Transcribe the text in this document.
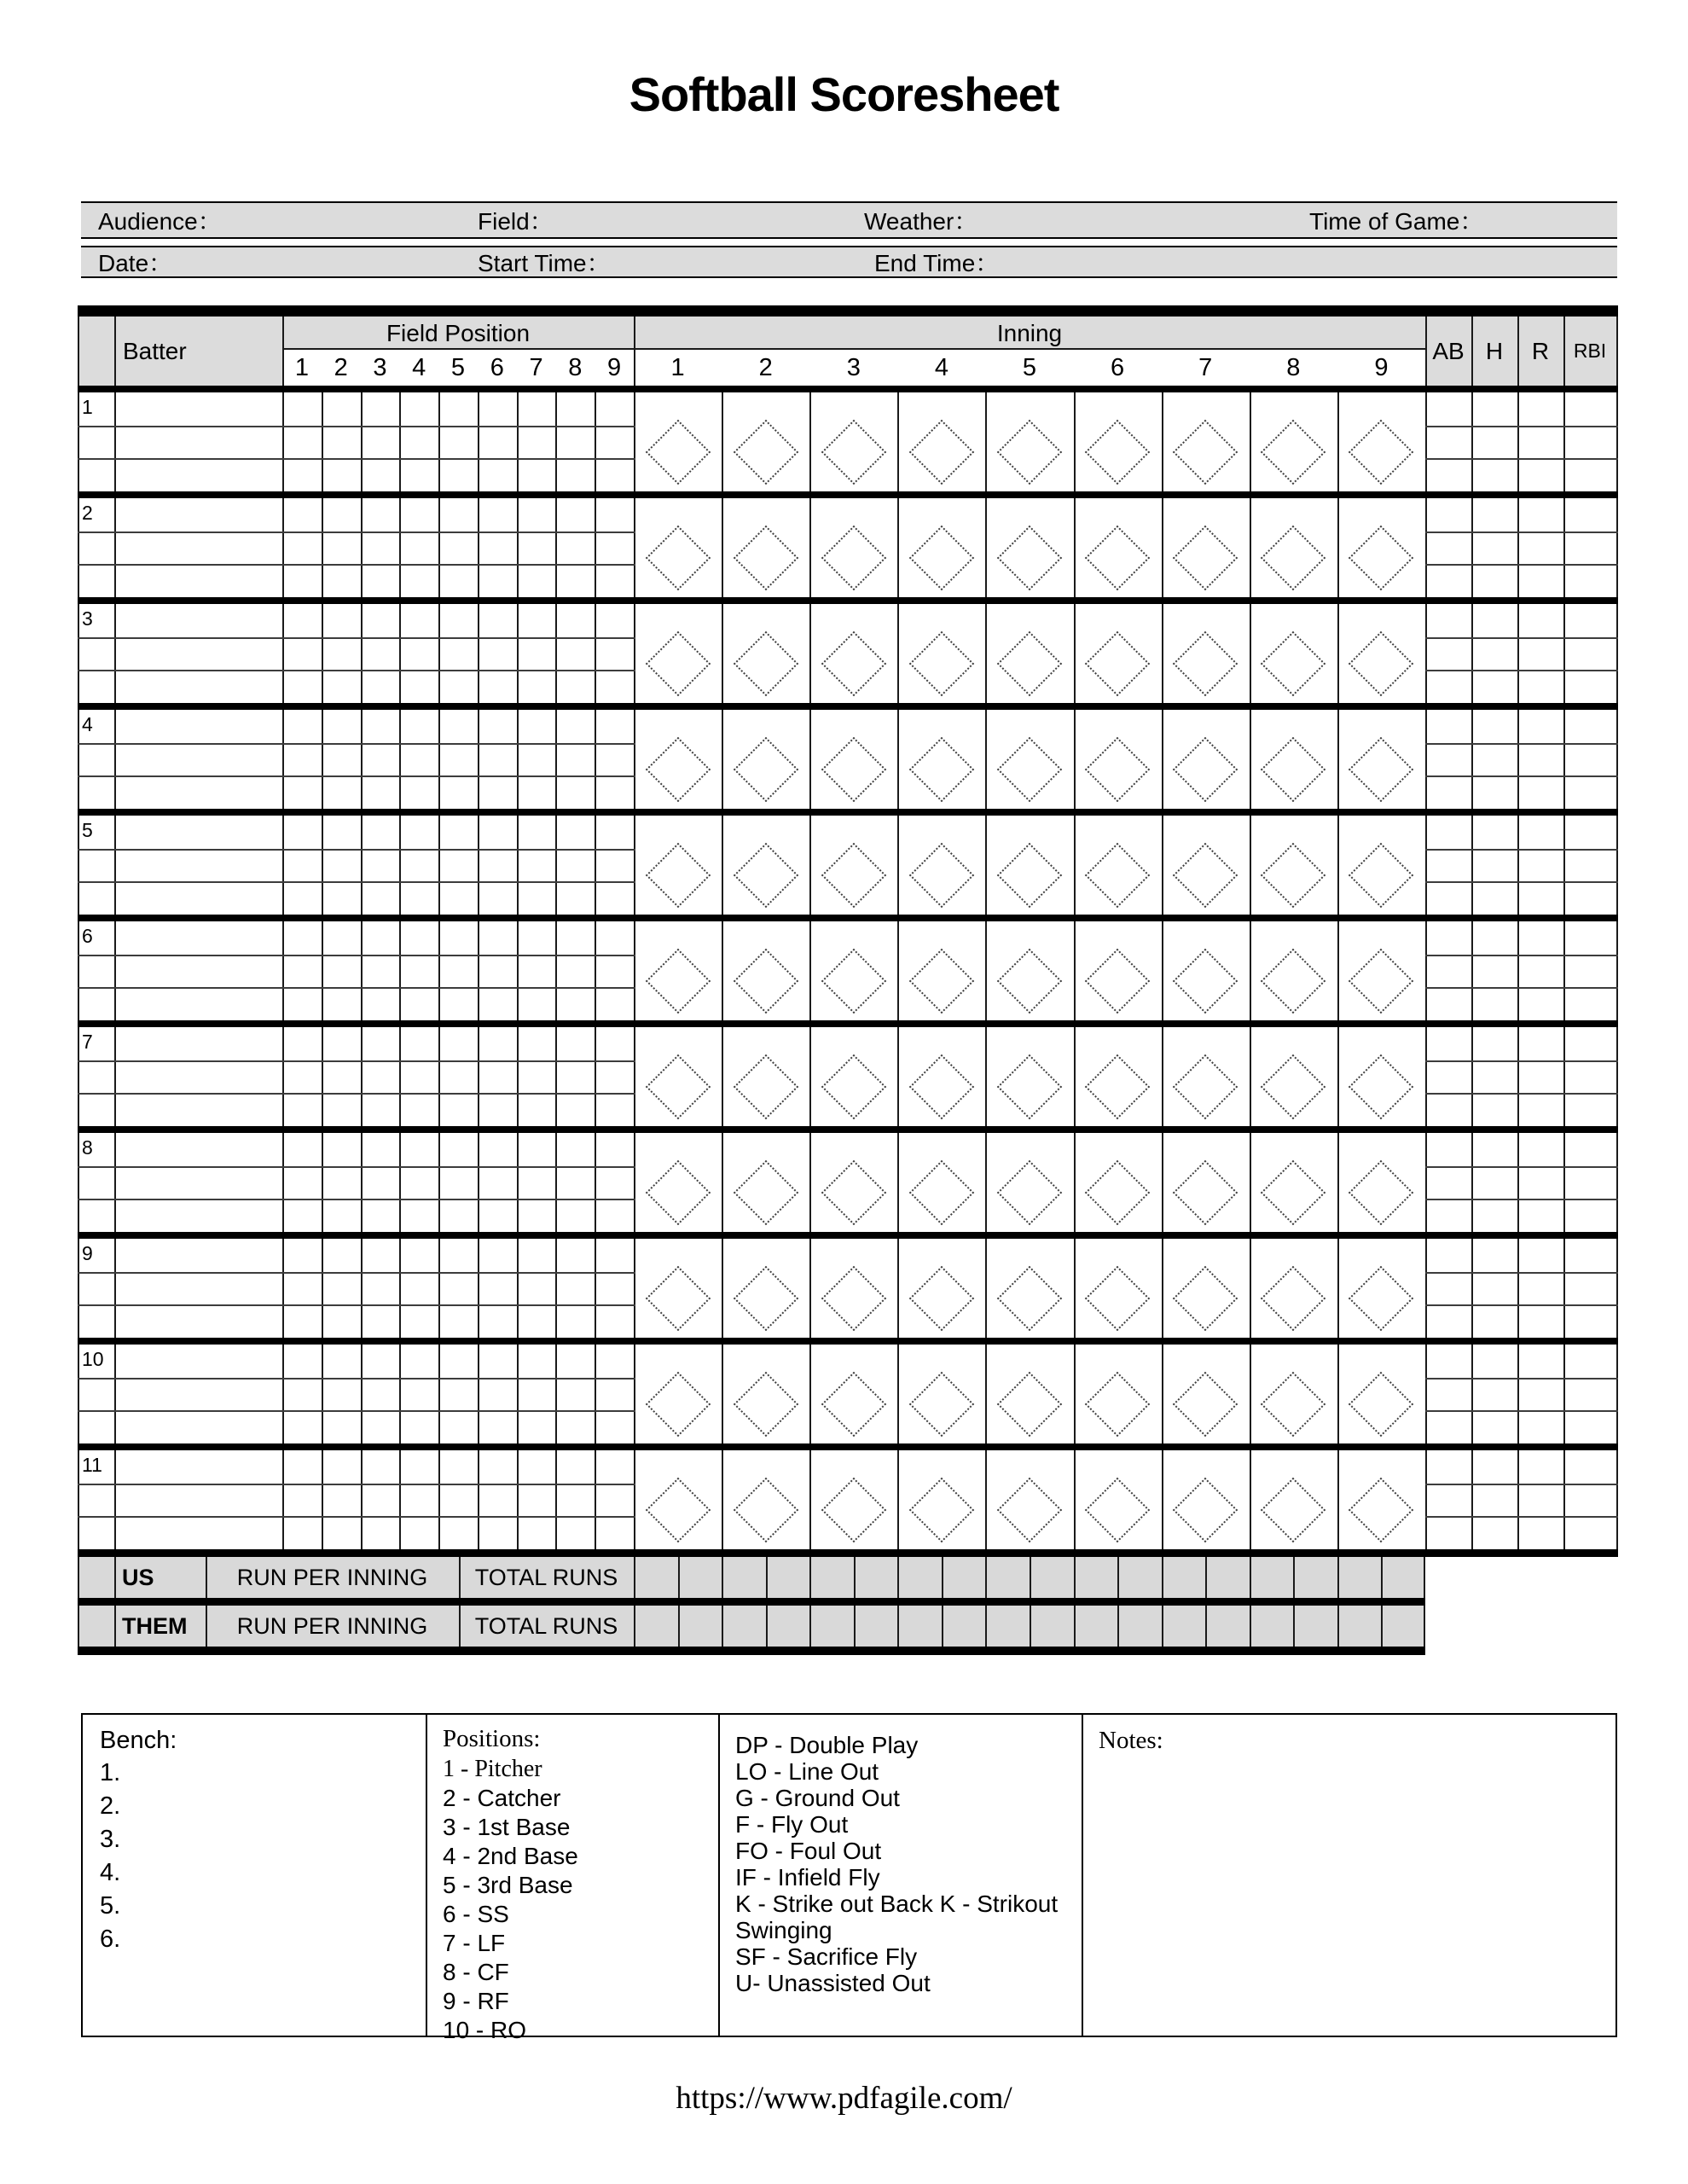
Softball Scoresheet
Audience：	Field：	Weather：	Time of Game：
Date：	Start Time：	End Time：
Batter
Field Position	Inning
1	2	3	4	5	6	7	8	9	1	2	3	4	5	6	7	8	9
AB H	R	RBI
1
2
3
4
5
6
7
8
9
10
11
US	RUN PER INNING	TOTAL RUNS
THEM	RUN PER INNING	TOTAL RUNS
Bench:
1.
2.
3.
4.
5.
6.
Positions:
1 - Pitcher
2 - Catcher
3 - 1st Base
4 - 2nd Base
5 - 3rd Base
6 - SS
7 - LF
8 - CF
9 - RF
10 - RO
DP - Double Play
LO - Line Out
G - Ground Out
F - Fly Out
FO - Foul Out
IF - Infield Fly
K - Strike out Back K - Strikout
Swinging
SF - Sacrifice Fly
U- Unassisted Out
Notes:
https://www.pdfagile.com/
